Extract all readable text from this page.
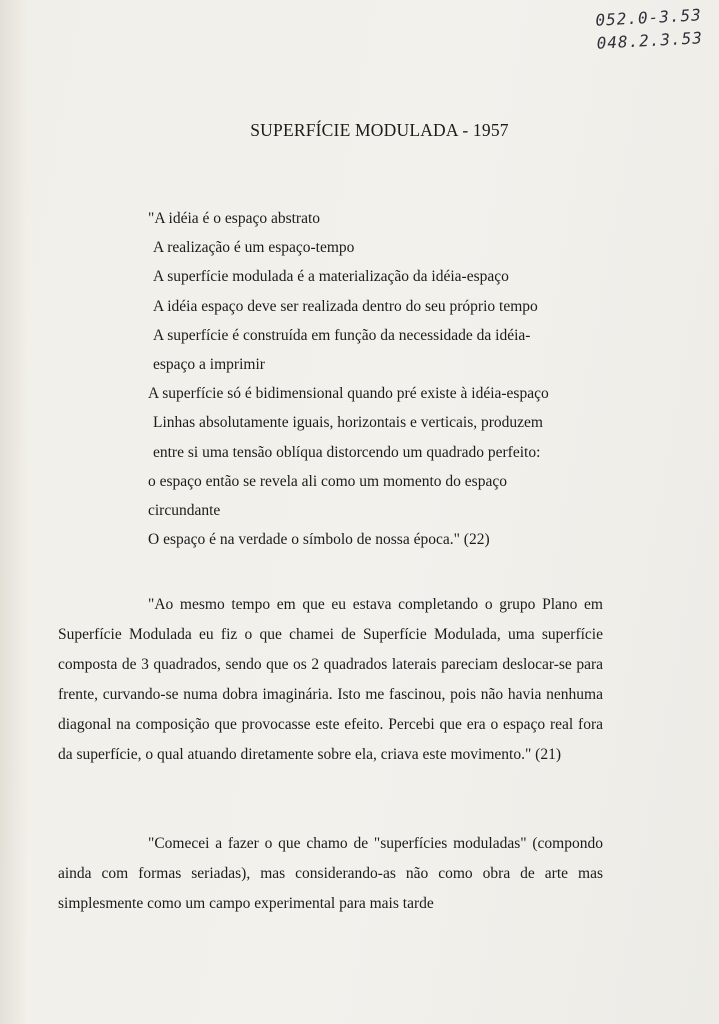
052.0-3.53
048.2.3.53
SUPERFÍCIE MODULADA - 1957
"A idéia é o espaço abstrato
A realização é um espaço-tempo
A superfície modulada é a materialização da idéia-espaço
A idéia espaço deve ser realizada dentro do seu próprio tempo
A superfície é construída em função da necessidade da idéia-
espaço a imprimir
A superfície só é bidimensional quando pré existe à idéia-espaço
Linhas absolutamente iguais, horizontais e verticais, produzem
entre si uma tensão oblíqua distorcendo um quadrado perfeito:
o espaço então se revela ali como um momento do espaço
circundante
O espaço é na verdade o símbolo de nossa época." (22)

"Ao mesmo tempo em que eu estava completando o grupo Plano em Superfície Modulada eu fiz o que chamei de Superfície Modulada, uma superfície composta de 3 quadrados, sendo que os 2 quadrados laterais pareciam deslocar-se para frente, curvando-se numa dobra imaginária. Isto me fascinou, pois não havia nenhuma diagonal na composição que provocasse este efeito. Percebi que era o espaço real fora da superfície, o qual atuando diretamente sobre ela, criava este movimento." (21)

"Comecei a fazer o que chamo de "superfícies moduladas" (compondo ainda com formas seriadas), mas considerando-as não como obra de arte mas simplesmente como um campo experimental para mais tarde
